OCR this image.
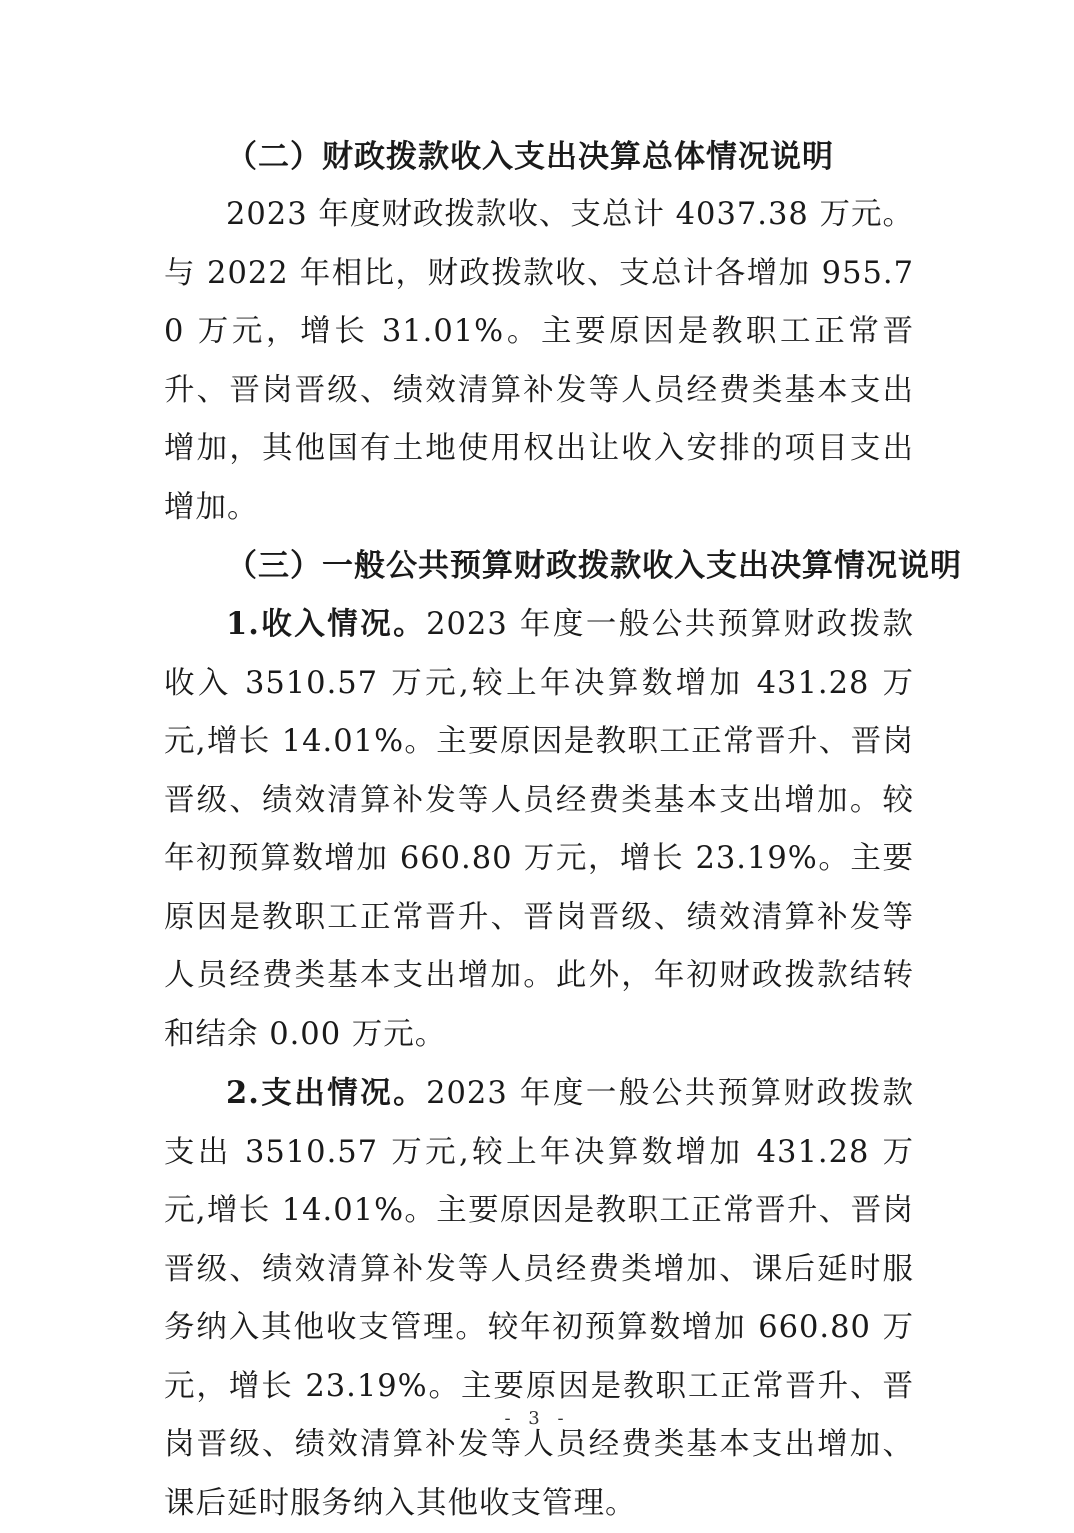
（二）财政拨款收入支出决算总体情况说明

2023 年度财政拨款收、支总计 4037.38 万元。与 2022 年相比，财政拨款收、支总计各增加 955.70 万元，增长 31.01%。主要原因是教职工正常晋升、晋岗晋级、绩效清算补发等人员经费类基本支出增加，其他国有土地使用权出让收入安排的项目支出增加。

（三）一般公共预算财政拨款收入支出决算情况说明

1.收入情况。2023 年度一般公共预算财政拨款收入 3510.57 万元,较上年决算数增加 431.28 万元,增长 14.01%。主要原因是教职工正常晋升、晋岗晋级、绩效清算补发等人员经费类基本支出增加。较年初预算数增加 660.80 万元，增长 23.19%。主要原因是教职工正常晋升、晋岗晋级、绩效清算补发等人员经费类基本支出增加。此外，年初财政拨款结转和结余 0.00 万元。

2.支出情况。2023 年度一般公共预算财政拨款支出 3510.57 万元,较上年决算数增加 431.28 万元,增长 14.01%。主要原因是教职工正常晋升、晋岗晋级、绩效清算补发等人员经费类增加、课后延时服务纳入其他收支管理。较年初预算数增加 660.80 万元，增长 23.19%。主要原因是教职工正常晋升、晋岗晋级、绩效清算补发等人员经费类基本支出增加、课后延时服务纳入其他收支管理。

- 3 -
